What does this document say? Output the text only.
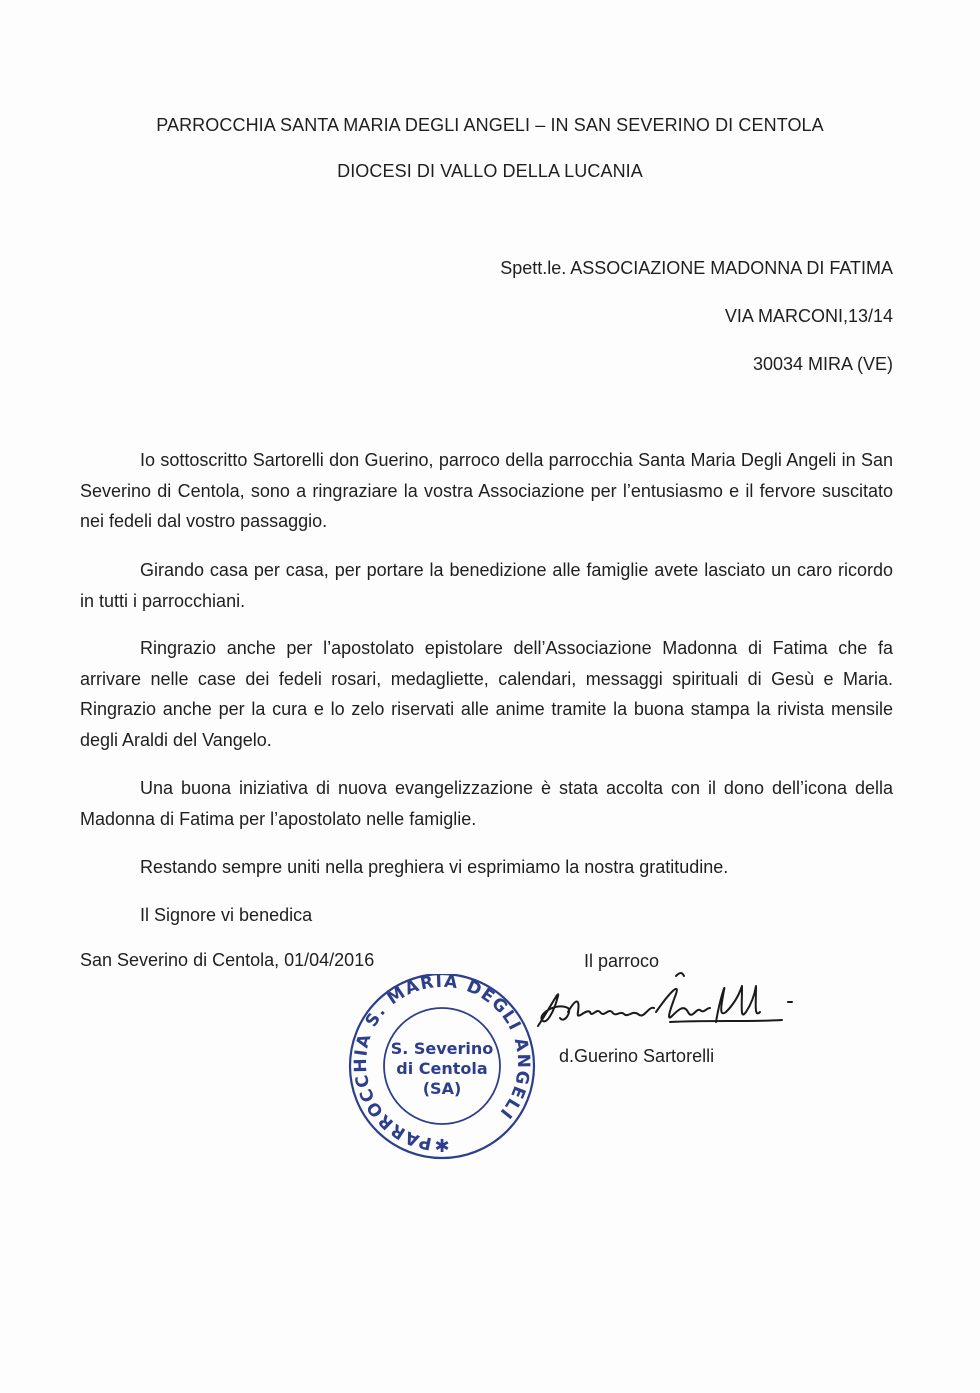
PARROCCHIA SANTA MARIA DEGLI ANGELI – IN SAN SEVERINO DI CENTOLA
DIOCESI DI VALLO DELLA LUCANIA
Spett.le. ASSOCIAZIONE MADONNA DI FATIMA
VIA MARCONI,13/14
30034 MIRA (VE)
Io sottoscritto Sartorelli don Guerino, parroco della parrocchia Santa Maria Degli Angeli in San Severino di Centola, sono a ringraziare la vostra Associazione per l’entusiasmo e il fervore suscitato nei fedeli dal vostro passaggio.
Girando casa per casa, per portare la benedizione alle famiglie avete lasciato un caro ricordo in tutti i parrocchiani.
Ringrazio anche per l’apostolato epistolare dell’Associazione Madonna di Fatima che fa arrivare nelle case dei fedeli rosari, medagliette, calendari, messaggi spirituali di Gesù e Maria. Ringrazio anche per la cura e lo zelo riservati alle anime tramite la buona stampa la rivista mensile degli Araldi del Vangelo.
Una buona iniziativa di nuova evangelizzazione è stata accolta con il dono dell’icona della Madonna di Fatima per l’apostolato nelle famiglie.
Restando sempre uniti nella preghiera vi esprimiamo la nostra gratitudine.
Il Signore vi benedica
San Severino di Centola, 01/04/2016	Il parroco
PARROCCHIA S. MARIA DEGLI ANGELI
S. Severino
di Centola
(SA)
✱
d.Guerino Sartorelli
